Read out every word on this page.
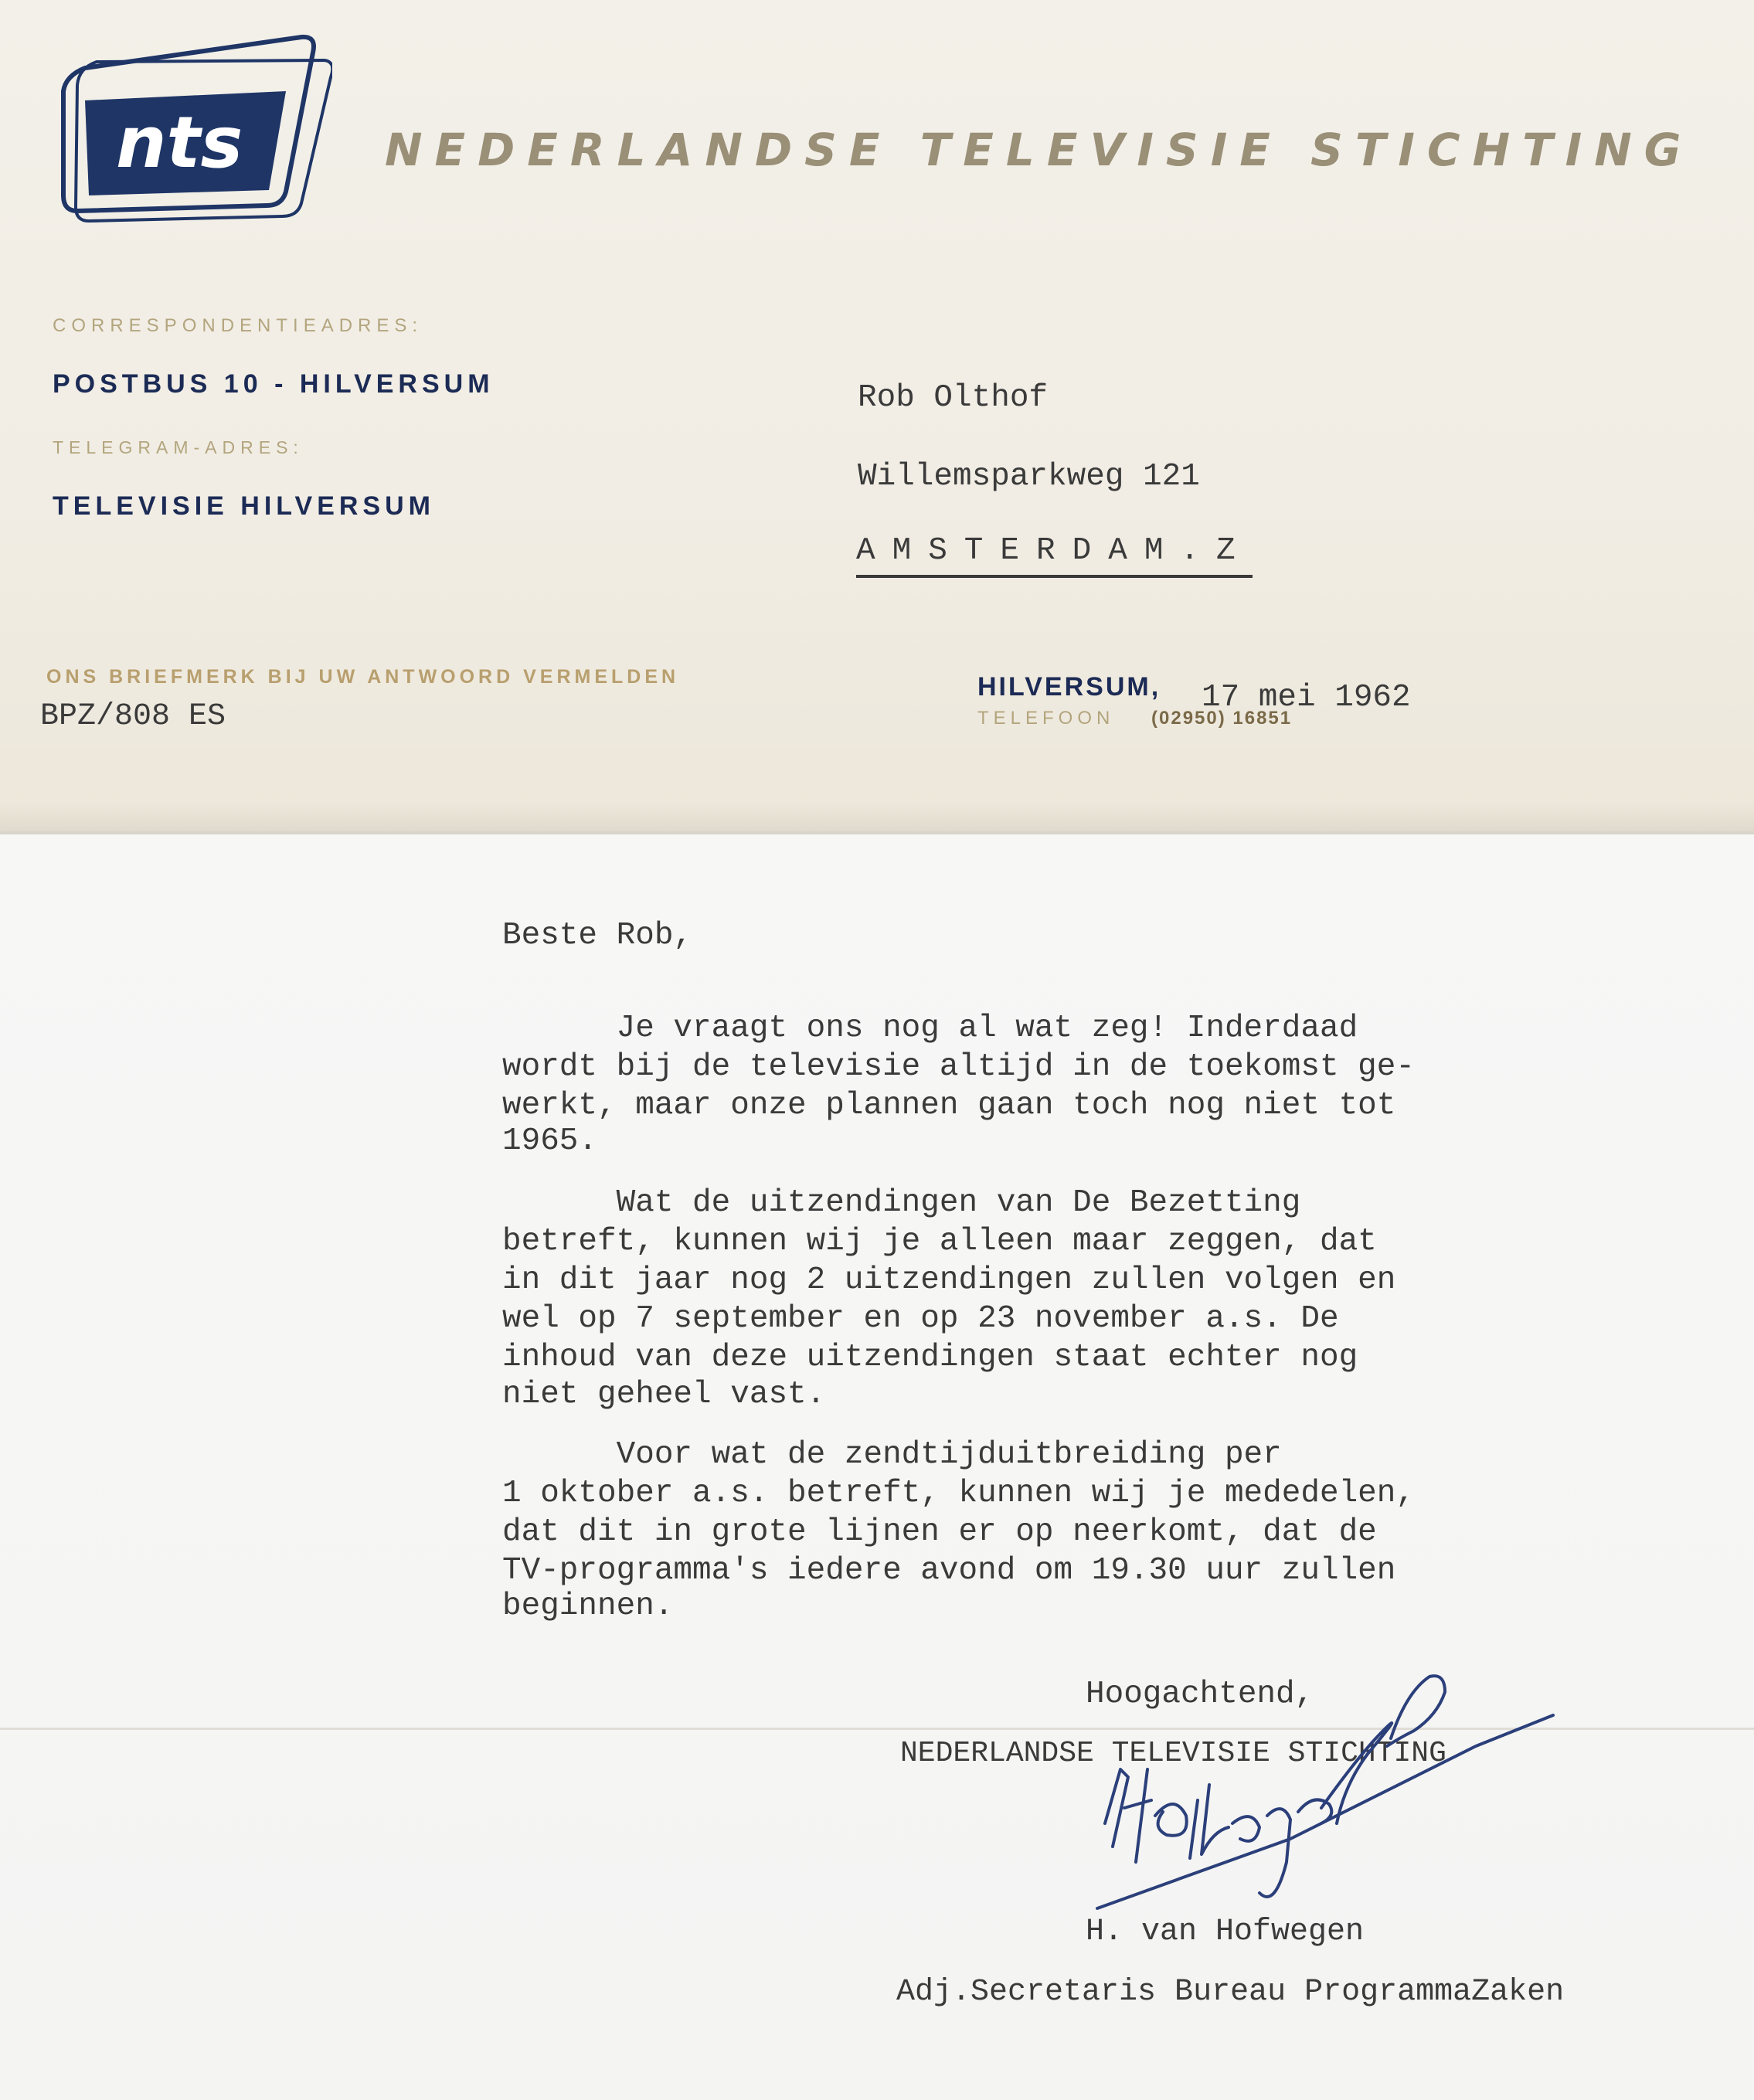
nts	NEDERLANDSE TELEVISIE STICHTING
CORRESPONDENTIEADRES:
POSTBUS 10 - HILVERSUM
TELEGRAM-ADRES:
TELEVISIE HILVERSUM
Rob Olthof
Willemsparkweg 121
AMSTERDAM.Z
ONS BRIEFMERK BIJ UW ANTWOORD VERMELDEN
BPZ/808 ES
HILVERSUM, 17 mei 1962
TELEFOON (02950) 16851
Beste Rob,
Je vraagt ons nog al wat zeg! Inderdaad
wordt bij de televisie altijd in de toekomst ge-
werkt, maar onze plannen gaan toch nog niet tot
1965.
Wat de uitzendingen van De Bezetting
betreft, kunnen wij je alleen maar zeggen, dat
in dit jaar nog 2 uitzendingen zullen volgen en
wel op 7 september en op 23 november a.s. De
inhoud van deze uitzendingen staat echter nog
niet geheel vast.
Voor wat de zendtijduitbreiding per
1 oktober a.s. betreft, kunnen wij je mededelen,
dat dit in grote lijnen er op neerkomt, dat de
TV-programma's iedere avond om 19.30 uur zullen
beginnen.
Hoogachtend,
NEDERLANDSE TELEVISIE STICHTING
H. van Hofwegen
Adj.Secretaris Bureau ProgrammaZaken
